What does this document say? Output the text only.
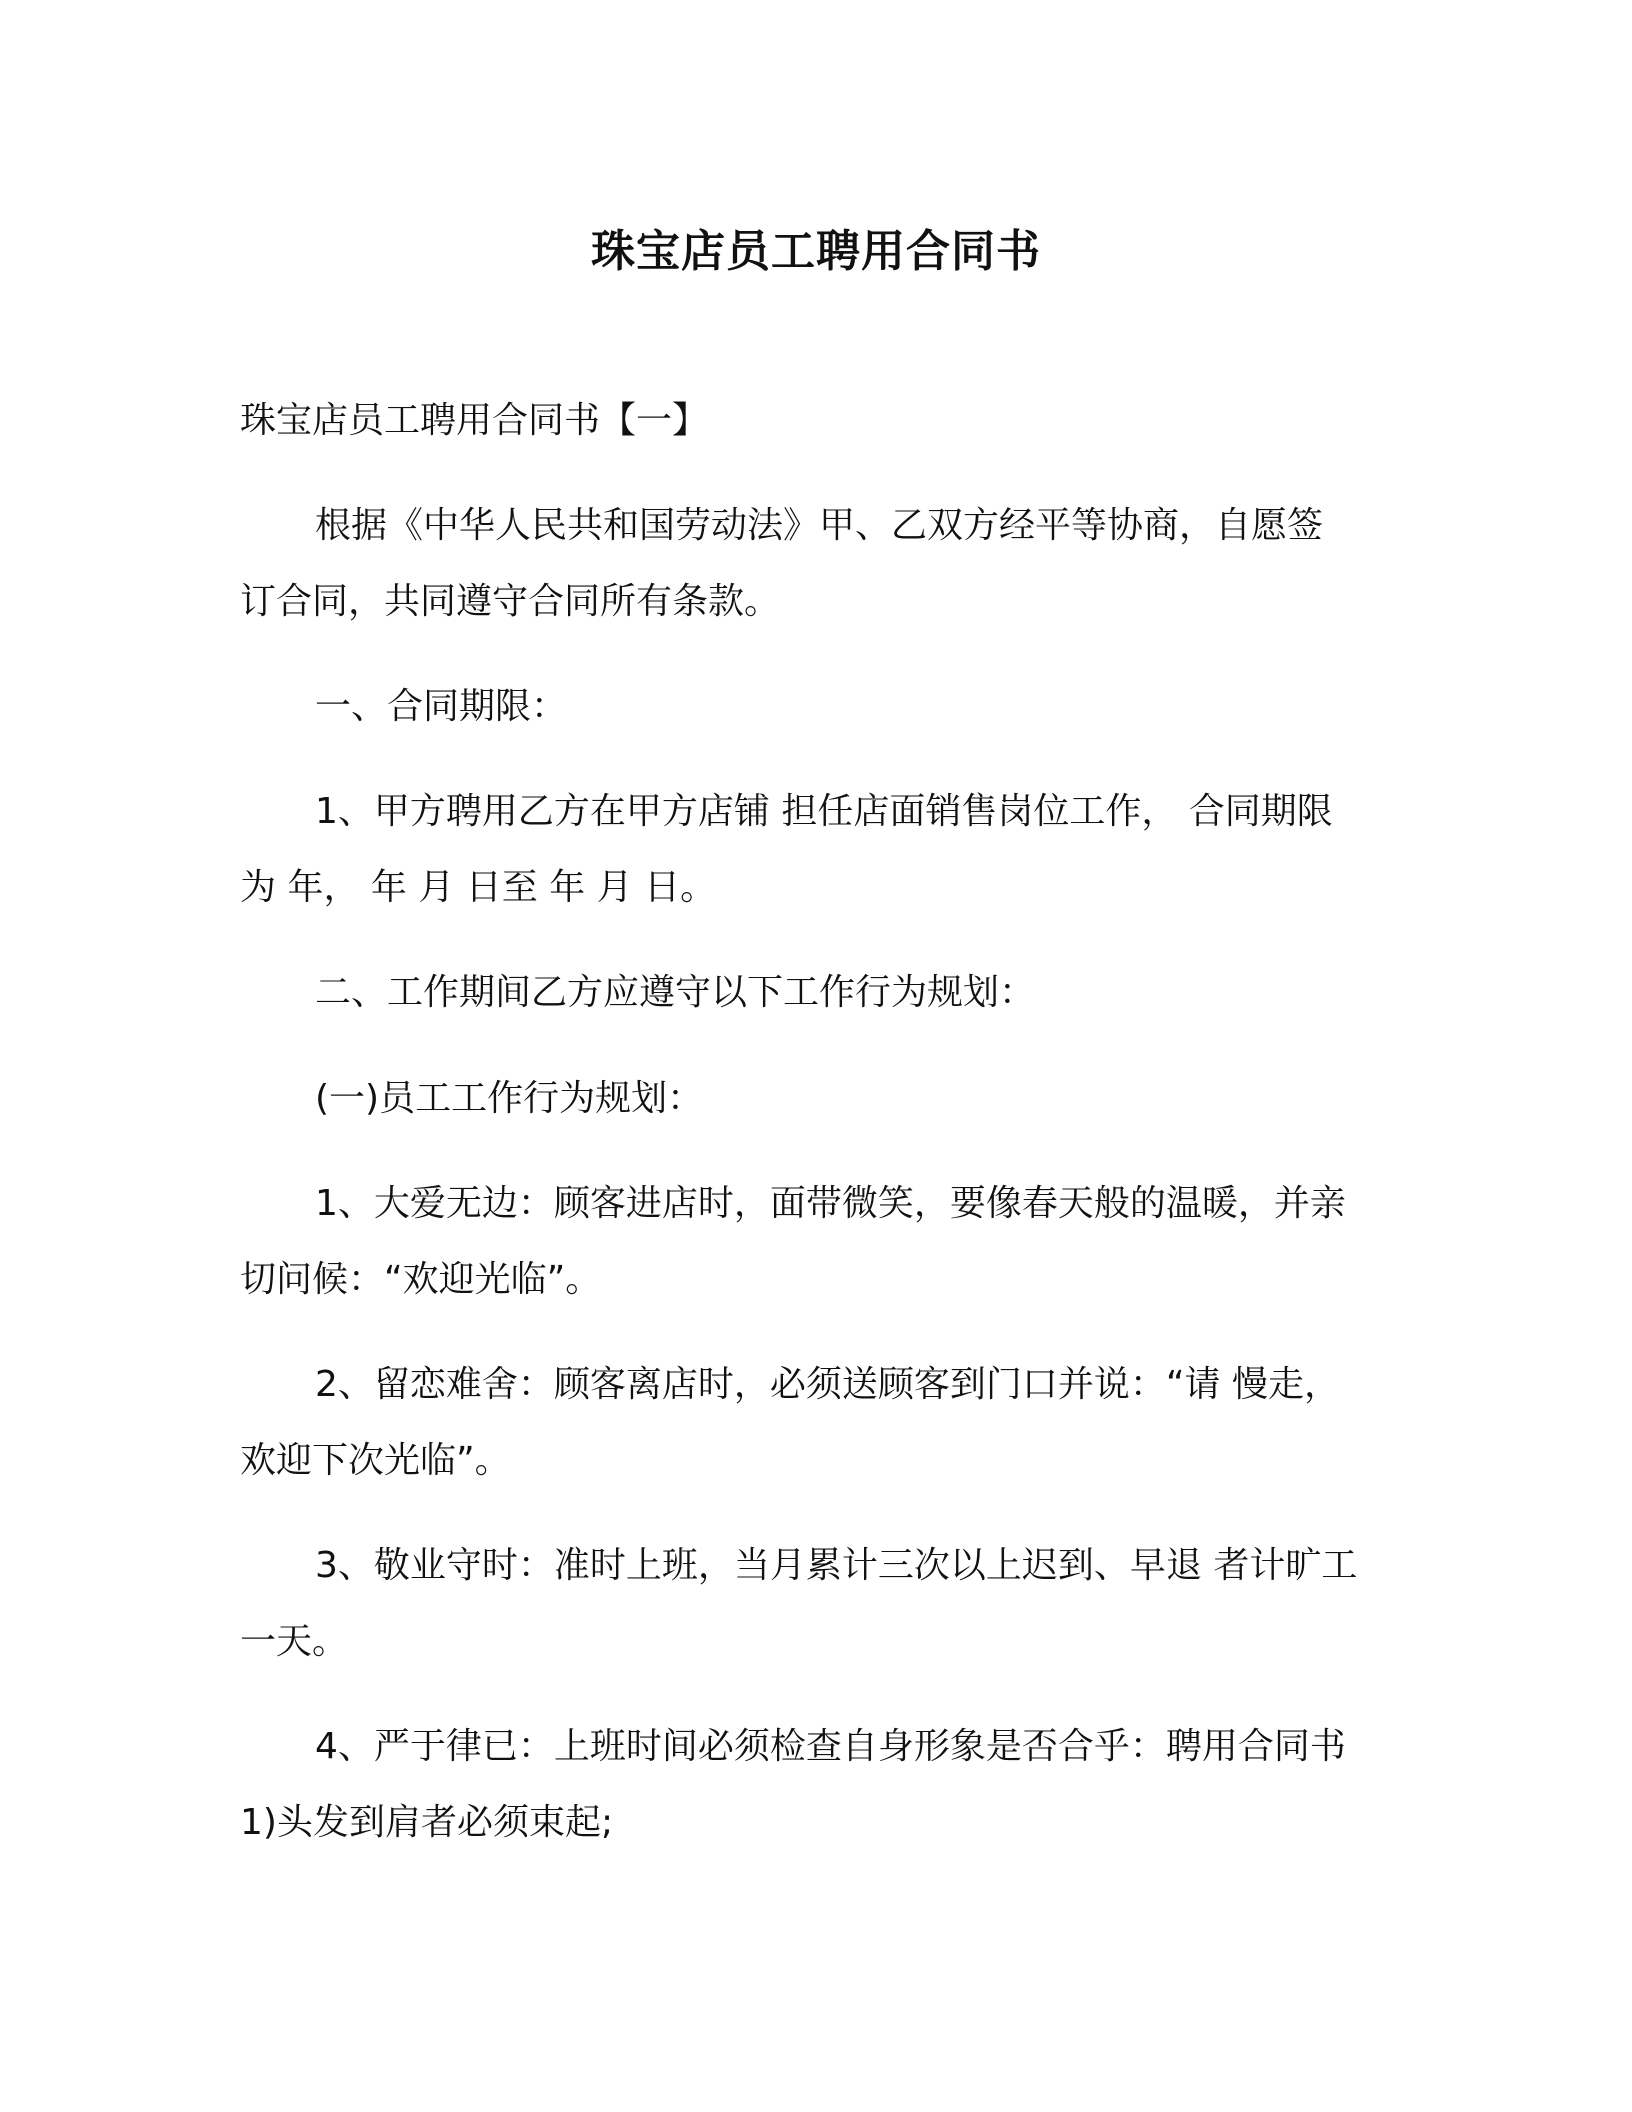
珠宝店员工聘用合同书
珠宝店员工聘用合同书【一】
根据《中华人民共和国劳动法》甲、乙双方经平等协商，自愿签
订合同，共同遵守合同所有条款。
一、合同期限：
1、甲方聘用乙方在甲方店铺 担任店面销售岗位工作， 合同期限
为 年， 年 月 日至 年 月 日。
二、工作期间乙方应遵守以下工作行为规划：
(一)员工工作行为规划：
1、大爱无边：顾客进店时，面带微笑，要像春天般的温暖，并亲
切问候：“欢迎光临”。
2、留恋难舍：顾客离店时，必须送顾客到门口并说：“请 慢走，
欢迎下次光临”。
3、敬业守时：准时上班，当月累计三次以上迟到、早退 者计旷工
一天。
4、严于律已：上班时间必须检查自身形象是否合乎：聘用合同书
1)头发到肩者必须束起;
